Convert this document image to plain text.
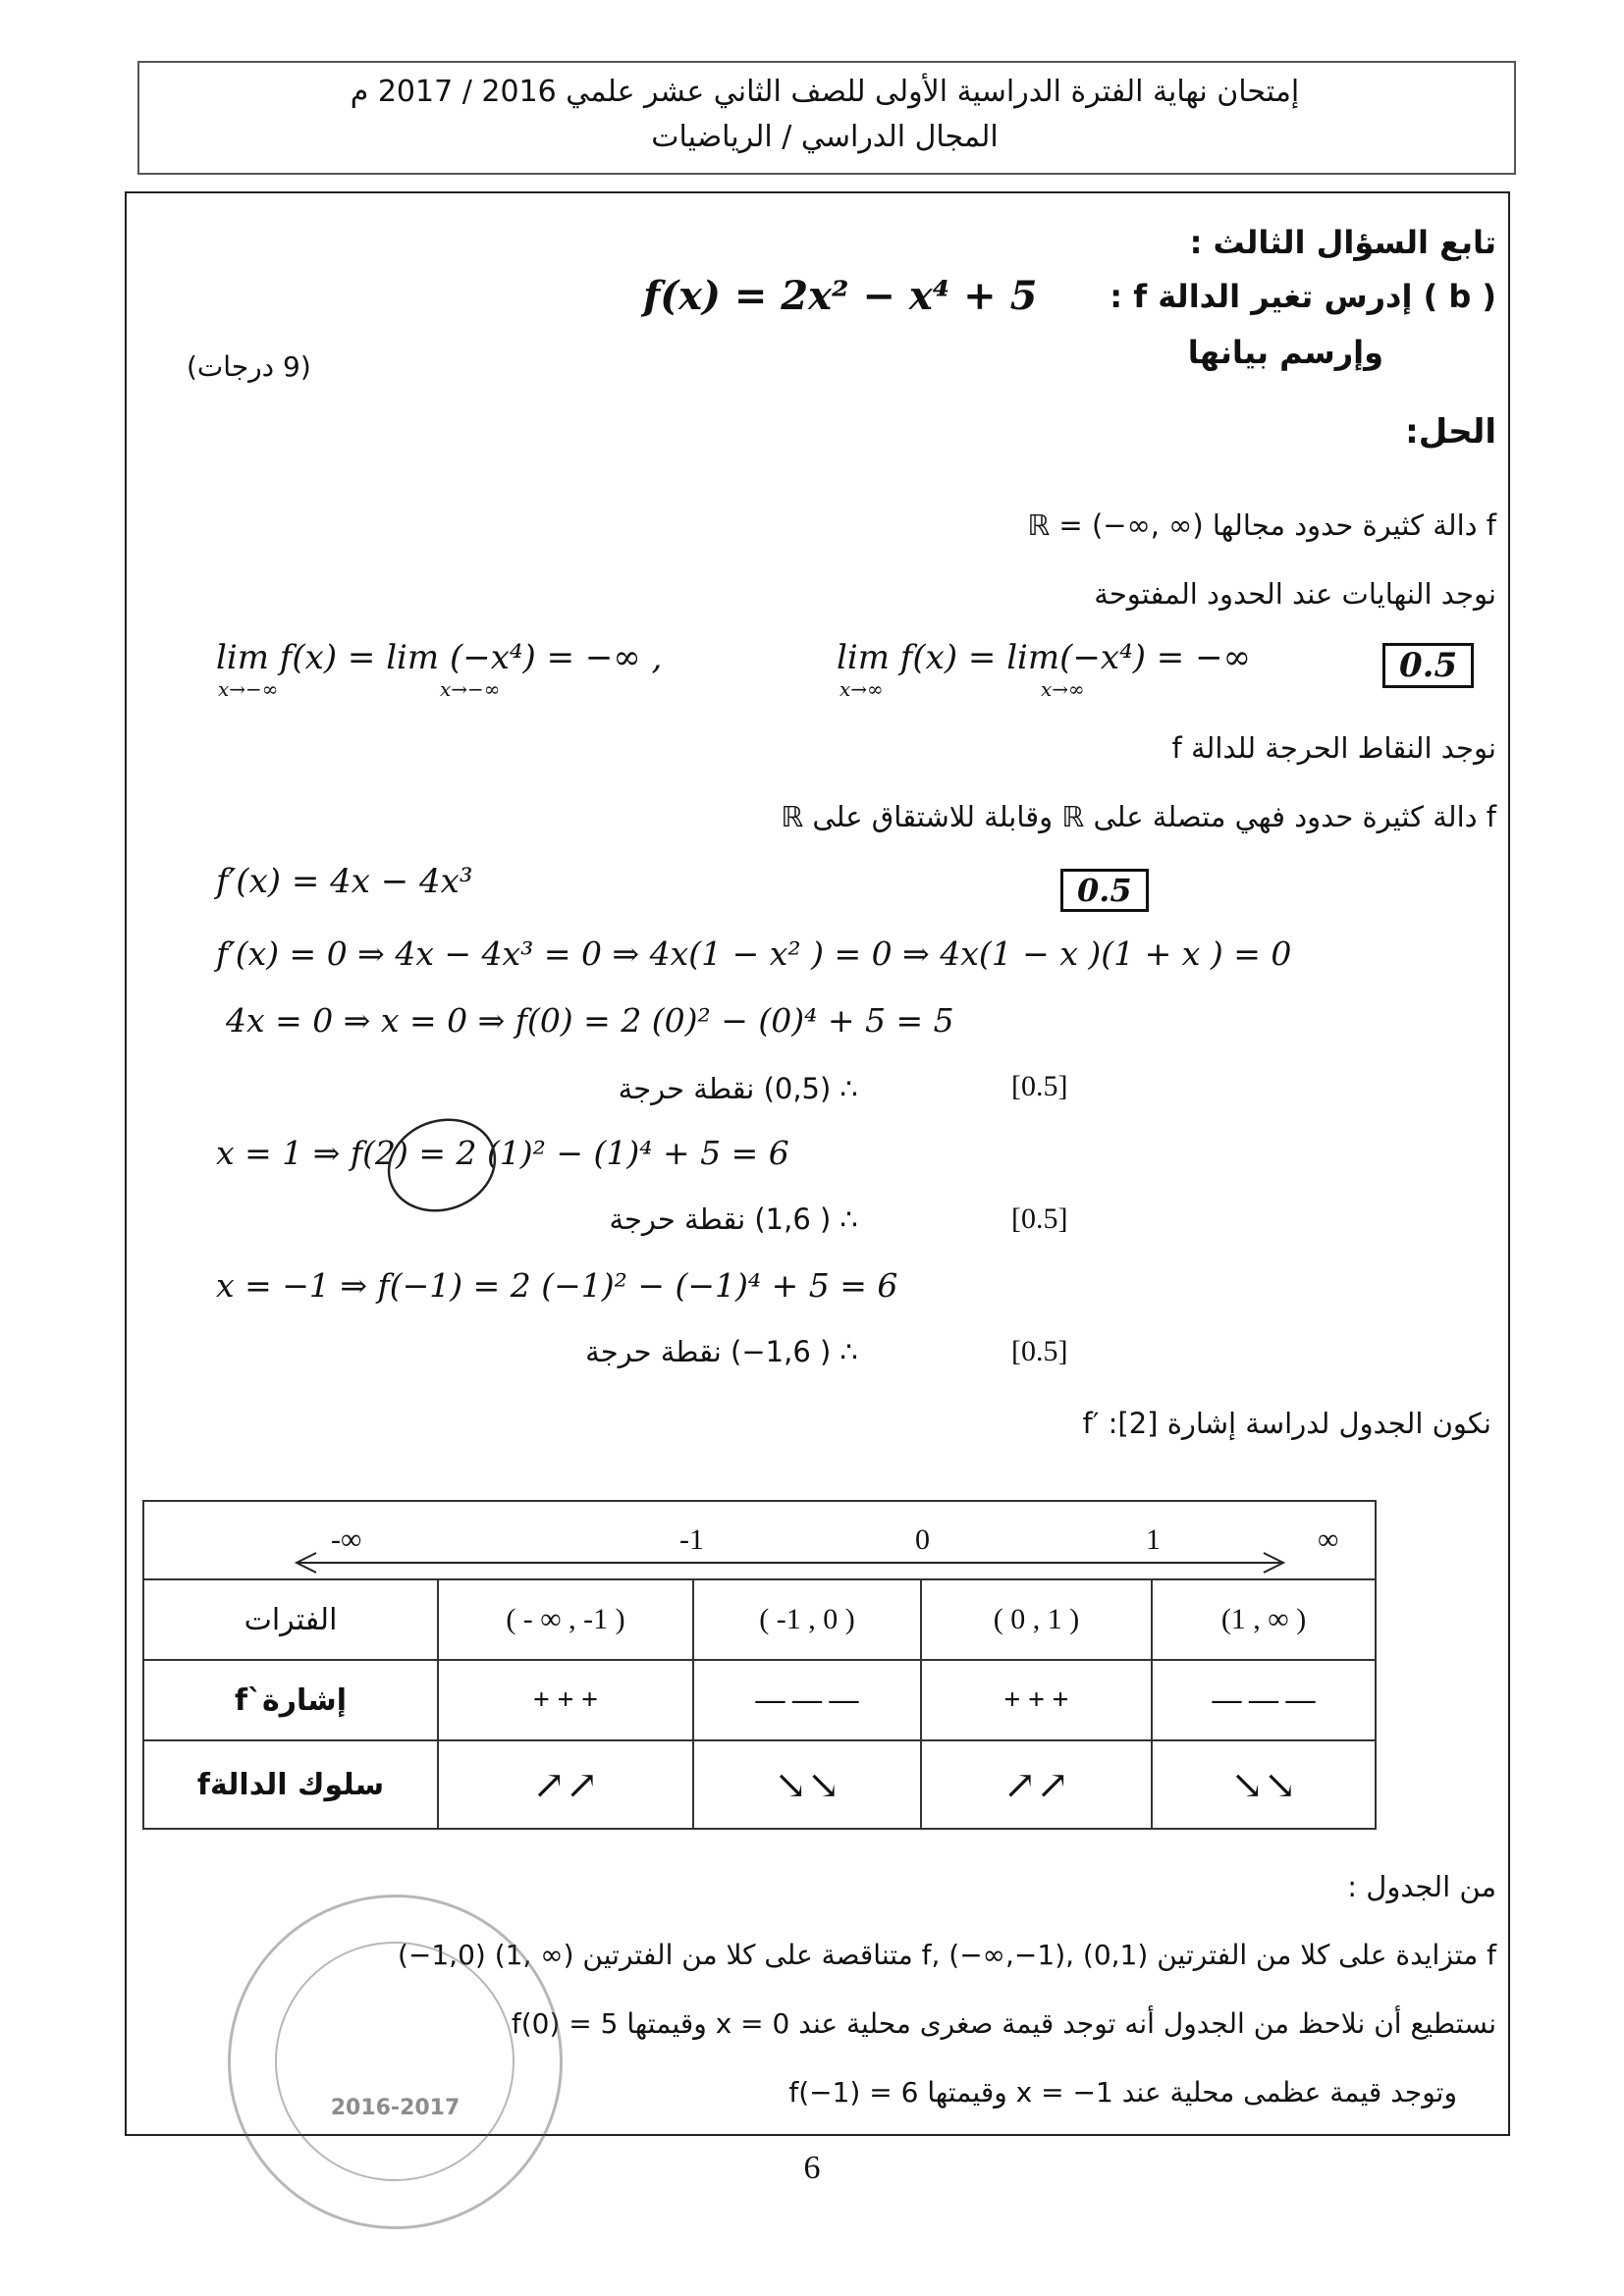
إمتحان نهاية الفترة الدراسية الأولى للصف الثاني عشر علمي 2016 / 2017 م
المجال الدراسي / الرياضيات
تابع السؤال الثالث :
( b ) إدرس تغير الدالة f :
f(x) = 2x² − x⁴ + 5
وإرسم بيانها
(9 درجات)
الحل:
f دالة كثيرة حدود مجالها (∞ ,∞−) = ℝ
نوجد النهايات عند الحدود المفتوحة
lim f(x) = lim (−x⁴) = −∞ ,
x→−∞	x→−∞
lim f(x) = lim(−x⁴) = −∞
x→∞	x→∞
0.5
نوجد النقاط الحرجة للدالة f
f دالة كثيرة حدود فهي متصلة على ℝ وقابلة للاشتقاق على ℝ
f′(x) = 4x − 4x³	0.5
f′(x) = 0 ⇒ 4x − 4x³ = 0 ⇒ 4x(1 − x² ) = 0 ⇒ 4x(1 − x )(1 + x ) = 0
4x = 0 ⇒ x = 0 ⇒ f(0) = 2 (0)² − (0)⁴ + 5 = 5
∴ (0,5) نقطة حرجة	[0.5]
x = 1 ⇒ f(2) = 2 (1)² − (1)⁴ + 5 = 6
∴ ( 1,6) نقطة حرجة	[0.5]
x = −1 ⇒ f(−1) = 2 (−1)² − (−1)⁴ + 5 = 6
∴ ( 1,6−) نقطة حرجة	[0.5]
نكون الجدول لدراسة إشارة f′ :[2]
-∞ -1 0 1 ∞				

الفترات	( - ∞ , -1 )	( -1 , 0 )	( 0 , 1 )	(1 , ∞ )
إشارة`f	+ + +	— — —	+ + +	— — —
سلوك الدالةf	↗↗	↘↘	↗↗	↘↘
من الجدول :
f متزايدة على كلا من الفترتين (0,1) ,(1−,∞−) ,f متناقصة على كلا من الفترتين (∞ ,1) (1,0−)
نستطيع أن نلاحظ من الجدول أنه توجد قيمة صغرى محلية عند 0 = x وقيمتها 5 = f(0)
وتوجد قيمة عظمى محلية عند 1− = x وقيمتها 6 = f(−1)
2016-2017
6
